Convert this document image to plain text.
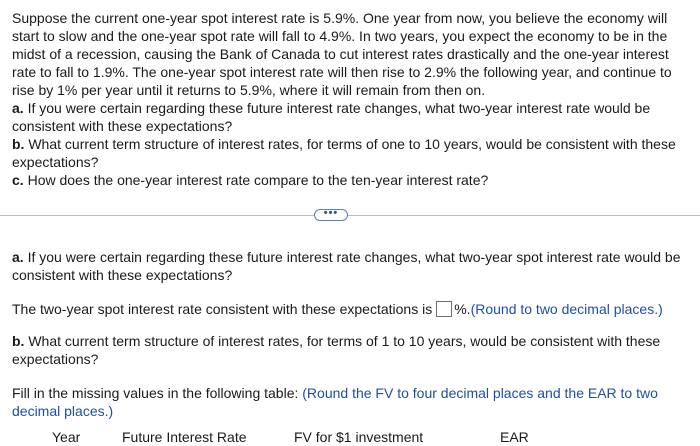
Suppose the current one-year spot interest rate is 5.9%. One year from now, you believe the economy will start to slow and the one-year spot rate will fall to 4.9%. In two years, you expect the economy to be in the midst of a recession, causing the Bank of Canada to cut interest rates drastically and the one-year interest rate to fall to 1.9%. The one-year spot interest rate will then rise to 2.9% the following year, and continue to rise by 1% per year until it returns to 5.9%, where it will remain from then on.

a. If you were certain regarding these future interest rate changes, what two-year interest rate would be consistent with these expectations?

b. What current term structure of interest rates, for terms of one to 10 years, would be consistent with these expectations?

c. How does the one-year interest rate compare to the ten-year interest rate?

•••

a. If you were certain regarding these future interest rate changes, what two-year spot interest rate would be consistent with these expectations?

The two-year spot interest rate consistent with these expectations is %. (Round to two decimal places.)

b. What current term structure of interest rates, for terms of 1 to 10 years, would be consistent with these expectations?

Fill in the missing values in the following table: (Round the FV to four decimal places and the EAR to two decimal places.)

Year	Future Interest Rate	FV for $1 investment	EAR
